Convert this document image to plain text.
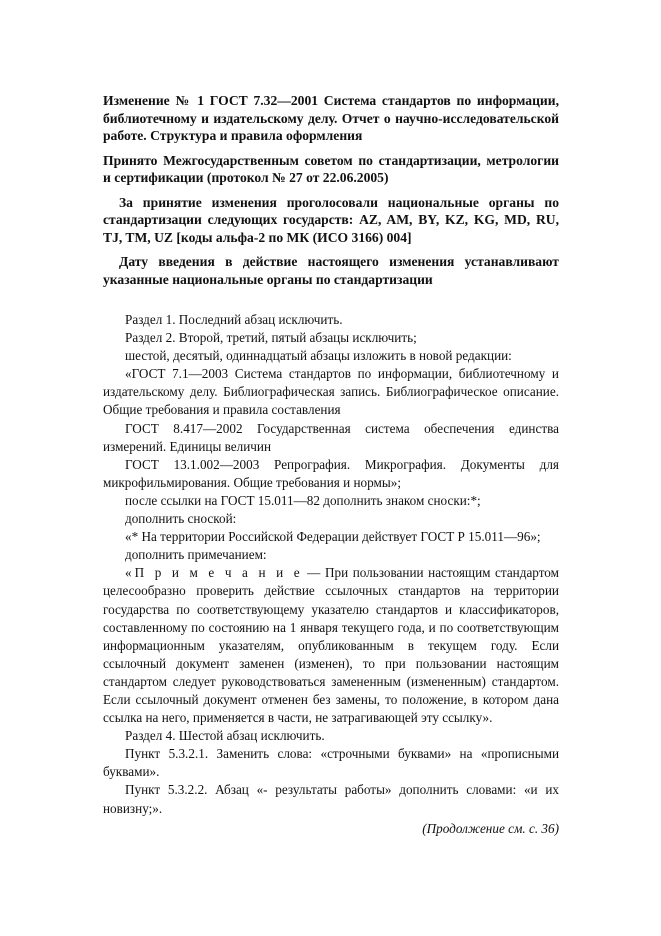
Изменение № 1 ГОСТ 7.32—2001 Система стандартов по информации, библиотечному и издательскому делу. Отчет о научно-исследовательской работе. Структура и правила оформления

Принято Межгосударственным советом по стандартизации, метрологии и сертификации (протокол № 27 от 22.06.2005)

За принятие изменения проголосовали национальные органы по стандартизации следующих государств: AZ, AM, BY, KZ, KG, MD, RU, TJ, TM, UZ [коды альфа-2 по МК (ИСО 3166) 004]

Дату введения в действие настоящего изменения устанавливают указанные национальные органы по стандартизации

Раздел 1. Последний абзац исключить.

Раздел 2. Второй, третий, пятый абзацы исключить;

шестой, десятый, одиннадцатый абзацы изложить в новой редакции:

«ГОСТ 7.1—2003 Система стандартов по информации, библиотечному и издательскому делу. Библиографическая запись. Библиографическое описание. Общие требования и правила составления

ГОСТ 8.417—2002 Государственная система обеспечения единства измерений. Единицы величин

ГОСТ 13.1.002—2003 Репрография. Микрография. Документы для микрофильмирования. Общие требования и нормы»;

после ссылки на ГОСТ 15.011—82 дополнить знаком сноски:*;

дополнить сноской:

«* На территории Российской Федерации действует ГОСТ Р 15.011—96»;

дополнить примечанием:

«П р и м е ч а н и е — При пользовании настоящим стандартом целесообразно проверить действие ссылочных стандартов на территории государства по соответствующему указателю стандартов и классификаторов, составленному по состоянию на 1 января текущего года, и по соответствующим информационным указателям, опубликованным в текущем году. Если ссылочный документ заменен (изменен), то при пользовании настоящим стандартом следует руководствоваться замененным (измененным) стандартом. Если ссылочный документ отменен без замены, то положение, в котором дана ссылка на него, применяется в части, не затрагивающей эту ссылку».

Раздел 4. Шестой абзац исключить.

Пункт 5.3.2.1. Заменить слова: «строчными буквами» на «прописными буквами».

Пункт 5.3.2.2. Абзац «- результаты работы» дополнить словами: «и их новизну;».

(Продолжение см. с. 36)
